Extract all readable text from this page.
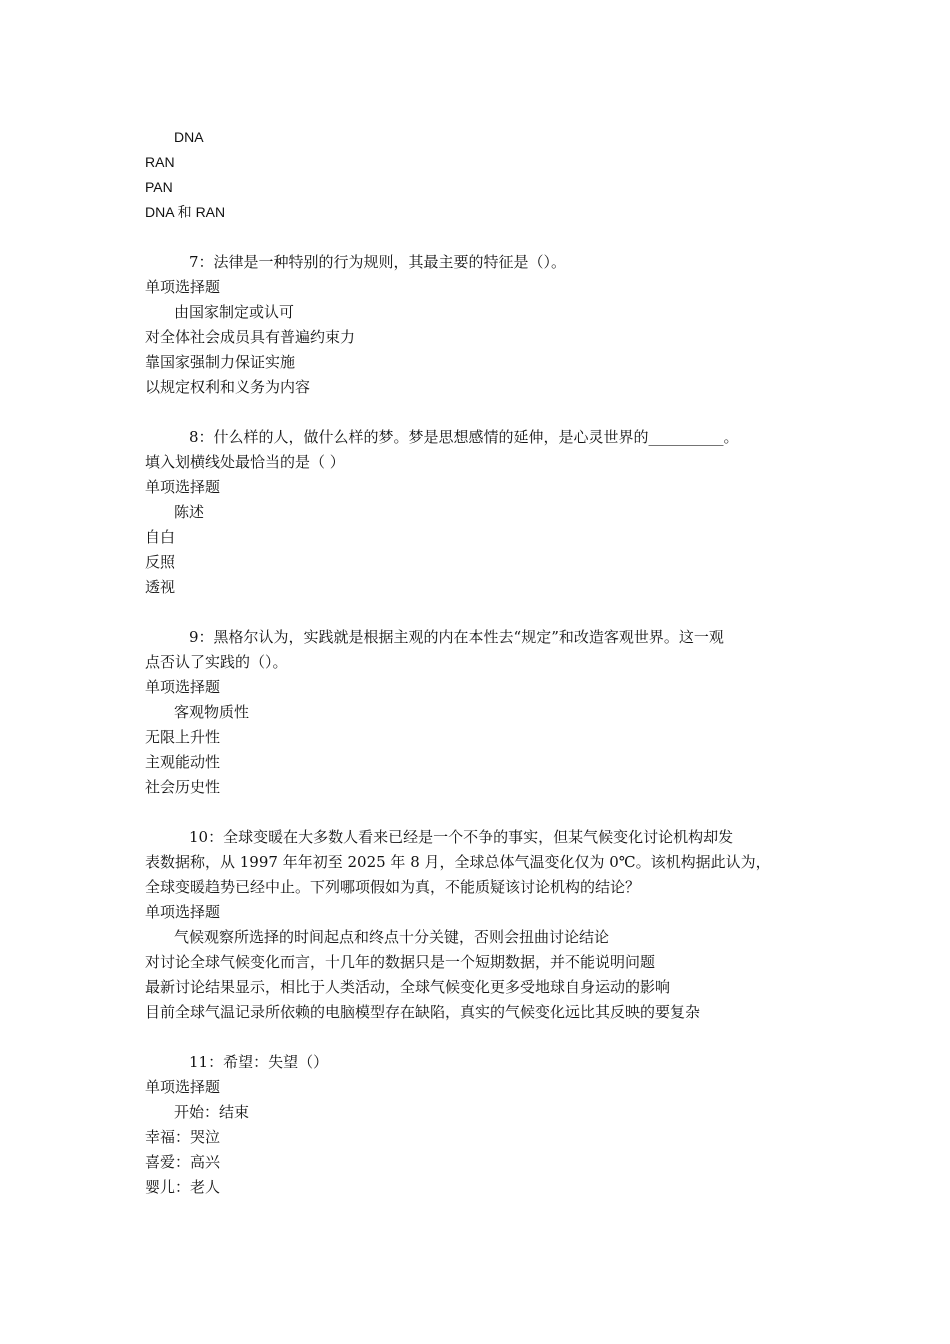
DNA
RAN
PAN
DNA 和 RAN
7：法律是一种特别的行为规则，其最主要的特征是（）。
单项选择题
由国家制定或认可
对全体社会成员具有普遍约束力
靠国家强制力保证实施
以规定权利和义务为内容
8：什么样的人，做什么样的梦。梦是思想感情的延伸，是心灵世界的__________。
填入划横线处最恰当的是（ ）
单项选择题
陈述
自白
反照
透视
9：黑格尔认为，实践就是根据主观的内在本性去“规定”和改造客观世界。这一观
点否认了实践的（）。
单项选择题
客观物质性
无限上升性
主观能动性
社会历史性
10：全球变暖在大多数人看来已经是一个不争的事实，但某气候变化讨论机构却发
表数据称，从 1997 年年初至 2025 年 8 月，全球总体气温变化仅为 0℃。该机构据此认为，
全球变暖趋势已经中止。下列哪项假如为真，不能质疑该讨论机构的结论？
单项选择题
气候观察所选择的时间起点和终点十分关键，否则会扭曲讨论结论
对讨论全球气候变化而言，十几年的数据只是一个短期数据，并不能说明问题
最新讨论结果显示，相比于人类活动，全球气候变化更多受地球自身运动的影响
目前全球气温记录所依赖的电脑模型存在缺陷，真实的气候变化远比其反映的要复杂
11：希望：失望（）
单项选择题
开始：结束
幸福：哭泣
喜爱：高兴
婴儿：老人
